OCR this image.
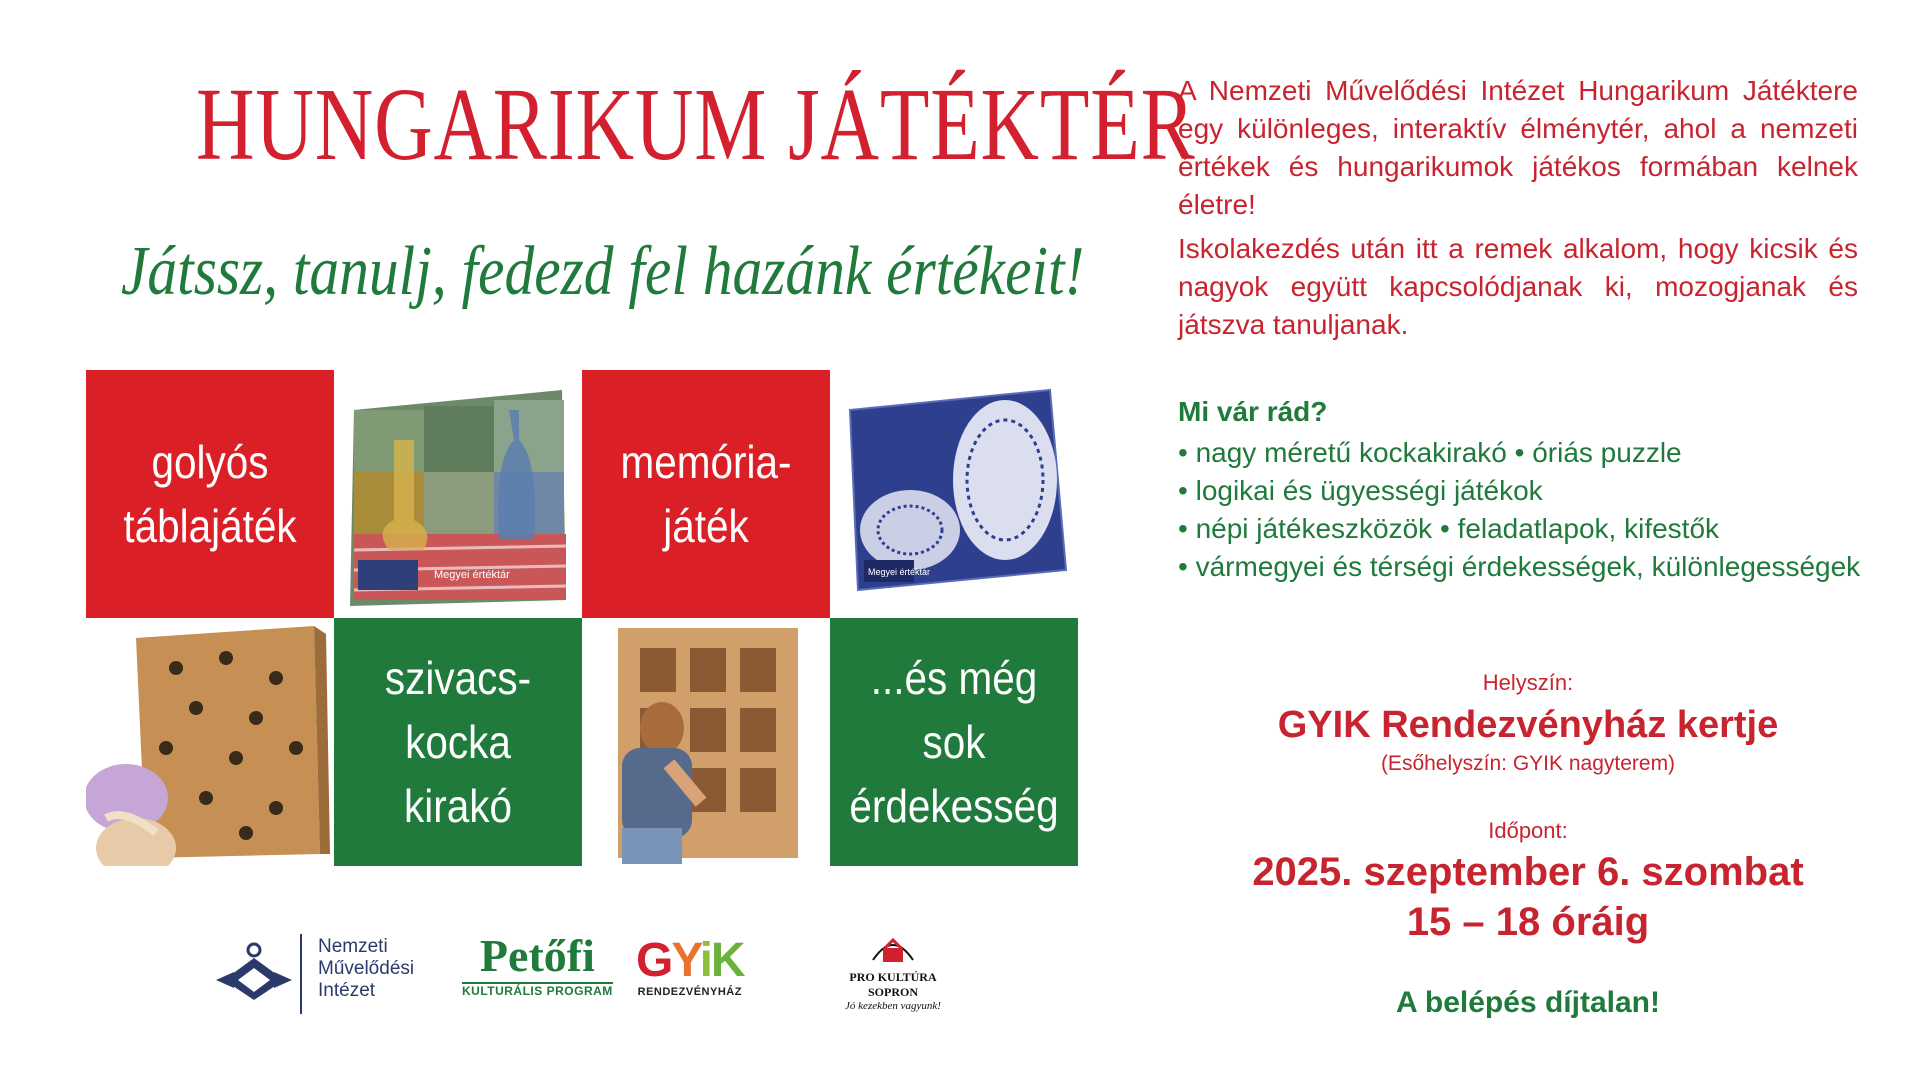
HUNGARIKUM JÁTÉKTÉR
Játssz, tanulj, fedezd fel hazánk értékeit!
golyós
táblajáték
Megyei értéktár
memória-
játék
Megyei értéktár
szivacs-
kocka
kirakó
...és még
sok
érdekesség
Nemzeti
Művelődési
Intézet
Petőfi
KULTURÁLIS PROGRAM
GYiK
RENDEZVÉNYHÁZ
PRO KULTÚRA SOPRON
Jó kezekben vagyunk!
A Nemzeti Művelődési Intézet Hungarikum Játéktere egy különleges, interaktív élménytér, ahol a nemzeti értékek és hungarikumok játékos formában kelnek életre!
Iskolakezdés után itt a remek alkalom, hogy kicsik és nagyok együtt kapcsolódjanak ki, mozogjanak és játszva tanuljanak.
Mi vár rád?
• nagy méretű kockakirakó • óriás puzzle
• logikai és ügyességi játékok
• népi játékeszközök • feladatlapok, kifestők
• vármegyei és térségi érdekességek, különlegességek
Helyszín:
GYIK Rendezvényház kertje
(Esőhelyszín: GYIK nagyterem)
Időpont:
2025. szeptember 6. szombat
15 – 18 óráig
A belépés díjtalan!
